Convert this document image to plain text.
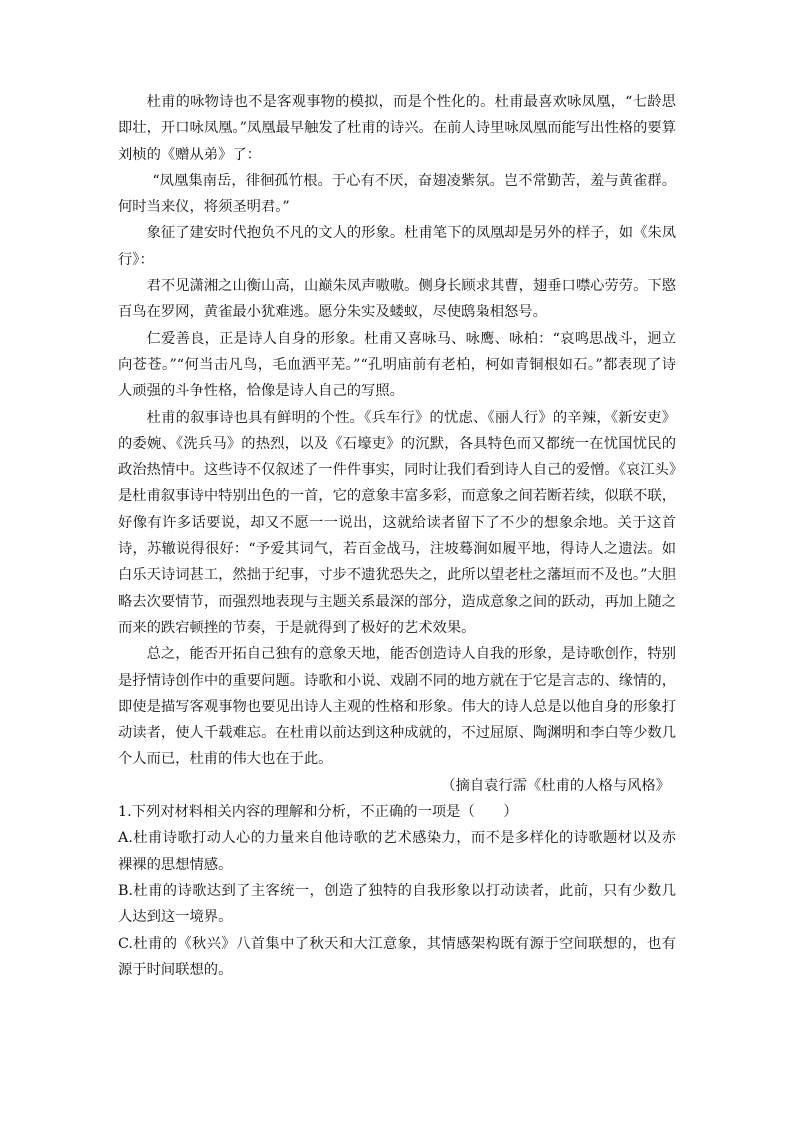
杜甫的咏物诗也不是客观事物的模拟，而是个性化的。杜甫最喜欢咏凤凰，“七龄思即壮，开口咏凤凰。”凤凰最早触发了杜甫的诗兴。在前人诗里咏凤凰而能写出性格的要算刘桢的《赠从弟》了：

“凤凰集南岳，徘徊孤竹根。于心有不厌，奋翅凌紫氛。岂不常勤苦，羞与黄雀群。何时当来仪，将须圣明君。”

象征了建安时代抱负不凡的文人的形象。杜甫笔下的凤凰却是另外的样子，如《朱凤行》：

君不见潇湘之山衡山高，山巅朱凤声嗷嗷。侧身长顾求其曹，翅垂口噤心劳劳。下愍百鸟在罗网，黄雀最小犹难逃。愿分朱实及蝼蚁，尽使鸱枭相怒号。

仁爱善良，正是诗人自身的形象。杜甫又喜咏马、咏鹰、咏柏：“哀鸣思战斗，迥立向苍苍。”“何当击凡鸟，毛血洒平芜。”“孔明庙前有老柏，柯如青铜根如石。”都表现了诗人顽强的斗争性格，恰像是诗人自己的写照。

杜甫的叙事诗也具有鲜明的个性。《兵车行》的忧虑、《丽人行》的辛辣，《新安吏》的委婉、《洗兵马》的热烈，以及《石壕吏》的沉默，各具特色而又都统一在忧国忧民的政治热情中。这些诗不仅叙述了一件件事实，同时让我们看到诗人自己的爱憎。《哀江头》是杜甫叙事诗中特别出色的一首，它的意象丰富多彩，而意象之间若断若续，似联不联，好像有许多话要说，却又不愿一一说出，这就给读者留下了不少的想象余地。关于这首诗，苏辙说得很好：“予爱其词气，若百金战马，注坡蓦涧如履平地，得诗人之遗法。如白乐天诗词甚工，然拙于纪事，寸步不遗犹恐失之，此所以望老杜之藩垣而不及也。”大胆略去次要情节，而强烈地表现与主题关系最深的部分，造成意象之间的跃动，再加上随之而来的跌宕顿挫的节奏，于是就得到了极好的艺术效果。

总之，能否开拓自己独有的意象天地，能否创造诗人自我的形象，是诗歌创作，特别是抒情诗创作中的重要问题。诗歌和小说、戏剧不同的地方就在于它是言志的、缘情的，即使是描写客观事物也要见出诗人主观的性格和形象。伟大的诗人总是以他自身的形象打动读者，使人千载难忘。在杜甫以前达到这种成就的，不过屈原、陶渊明和李白等少数几个人而已，杜甫的伟大也在于此。

（摘自袁行霈《杜甫的人格与风格》

1.下列对材料相关内容的理解和分析，不正确的一项是（　　）

A.杜甫诗歌打动人心的力量来自他诗歌的艺术感染力，而不是多样化的诗歌题材以及赤裸裸的思想情感。

B.杜甫的诗歌达到了主客统一，创造了独特的自我形象以打动读者，此前，只有少数几人达到这一境界。

C.杜甫的《秋兴》八首集中了秋天和大江意象，其情感架构既有源于空间联想的，也有源于时间联想的。
